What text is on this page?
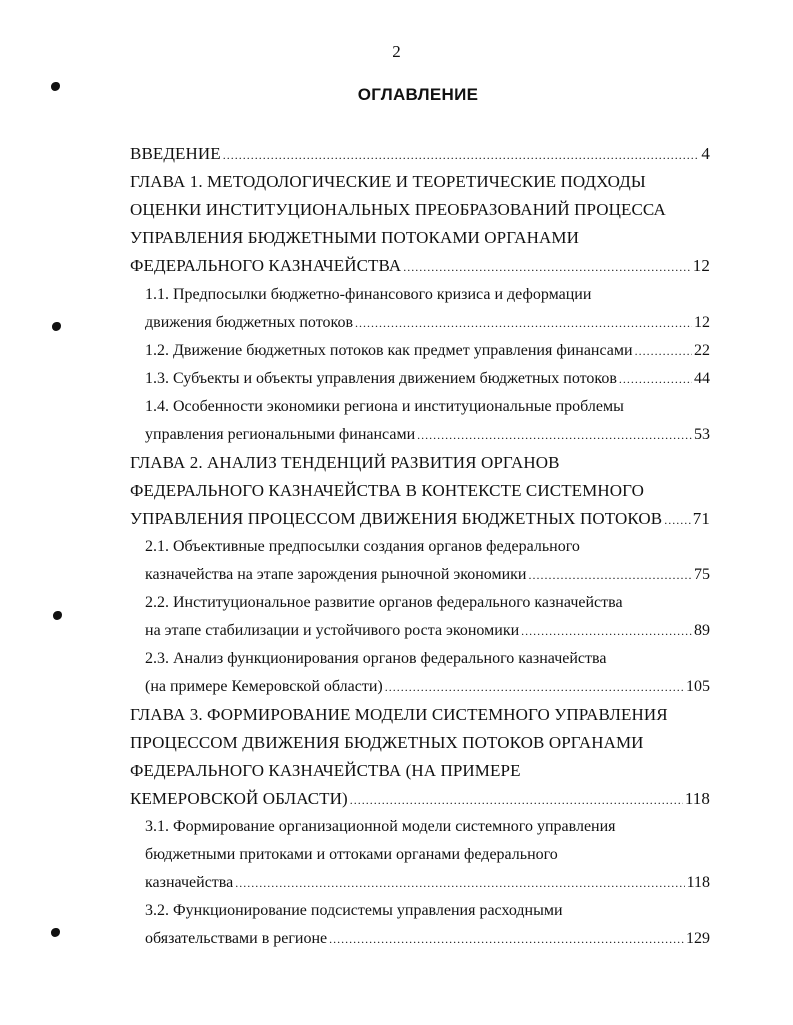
2
ОГЛАВЛЕНИЕ
ВВЕДЕНИЕ .....	4
ГЛАВА 1. МЕТОДОЛОГИЧЕСКИЕ И ТЕОРЕТИЧЕСКИЕ ПОДХОДЫ
ОЦЕНКИ ИНСТИТУЦИОНАЛЬНЫХ ПРЕОБРАЗОВАНИЙ ПРОЦЕССА
УПРАВЛЕНИЯ БЮДЖЕТНЫМИ ПОТОКАМИ ОРГАНАМИ
ФЕДЕРАЛЬНОГО КАЗНАЧЕЙСТВА .....	12
1.1. Предпосылки бюджетно-финансового кризиса и деформации
движения бюджетных потоков .....	12
1.2. Движение бюджетных потоков как предмет управления финансами .....	22
1.3. Субъекты и объекты управления движением бюджетных потоков .....	44
1.4. Особенности экономики региона и институциональные проблемы
управления региональными финансами .....	53
ГЛАВА 2. АНАЛИЗ ТЕНДЕНЦИЙ РАЗВИТИЯ ОРГАНОВ
ФЕДЕРАЛЬНОГО КАЗНАЧЕЙСТВА В КОНТЕКСТЕ СИСТЕМНОГО
УПРАВЛЕНИЯ ПРОЦЕССОМ ДВИЖЕНИЯ БЮДЖЕТНЫХ ПОТОКОВ ..... 71
2.1. Объективные предпосылки создания органов федерального
казначейства на этапе зарождения рыночной экономики .....	75
2.2. Институциональное развитие органов федерального казначейства
на этапе стабилизации и устойчивого роста экономики .....	89
2.3. Анализ функционирования органов федерального казначейства
(на примере Кемеровской области) .....	105
ГЛАВА 3. ФОРМИРОВАНИЕ МОДЕЛИ СИСТЕМНОГО УПРАВЛЕНИЯ
ПРОЦЕССОМ ДВИЖЕНИЯ БЮДЖЕТНЫХ ПОТОКОВ ОРГАНАМИ
ФЕДЕРАЛЬНОГО КАЗНАЧЕЙСТВА (НА ПРИМЕРЕ
КЕМЕРОВСКОЙ ОБЛАСТИ) .....	118
3.1. Формирование организационной модели системного управления
бюджетными притоками и оттоками органами федерального
казначейства .....	118
3.2. Функционирование подсистемы управления расходными
обязательствами в регионе .....	129
